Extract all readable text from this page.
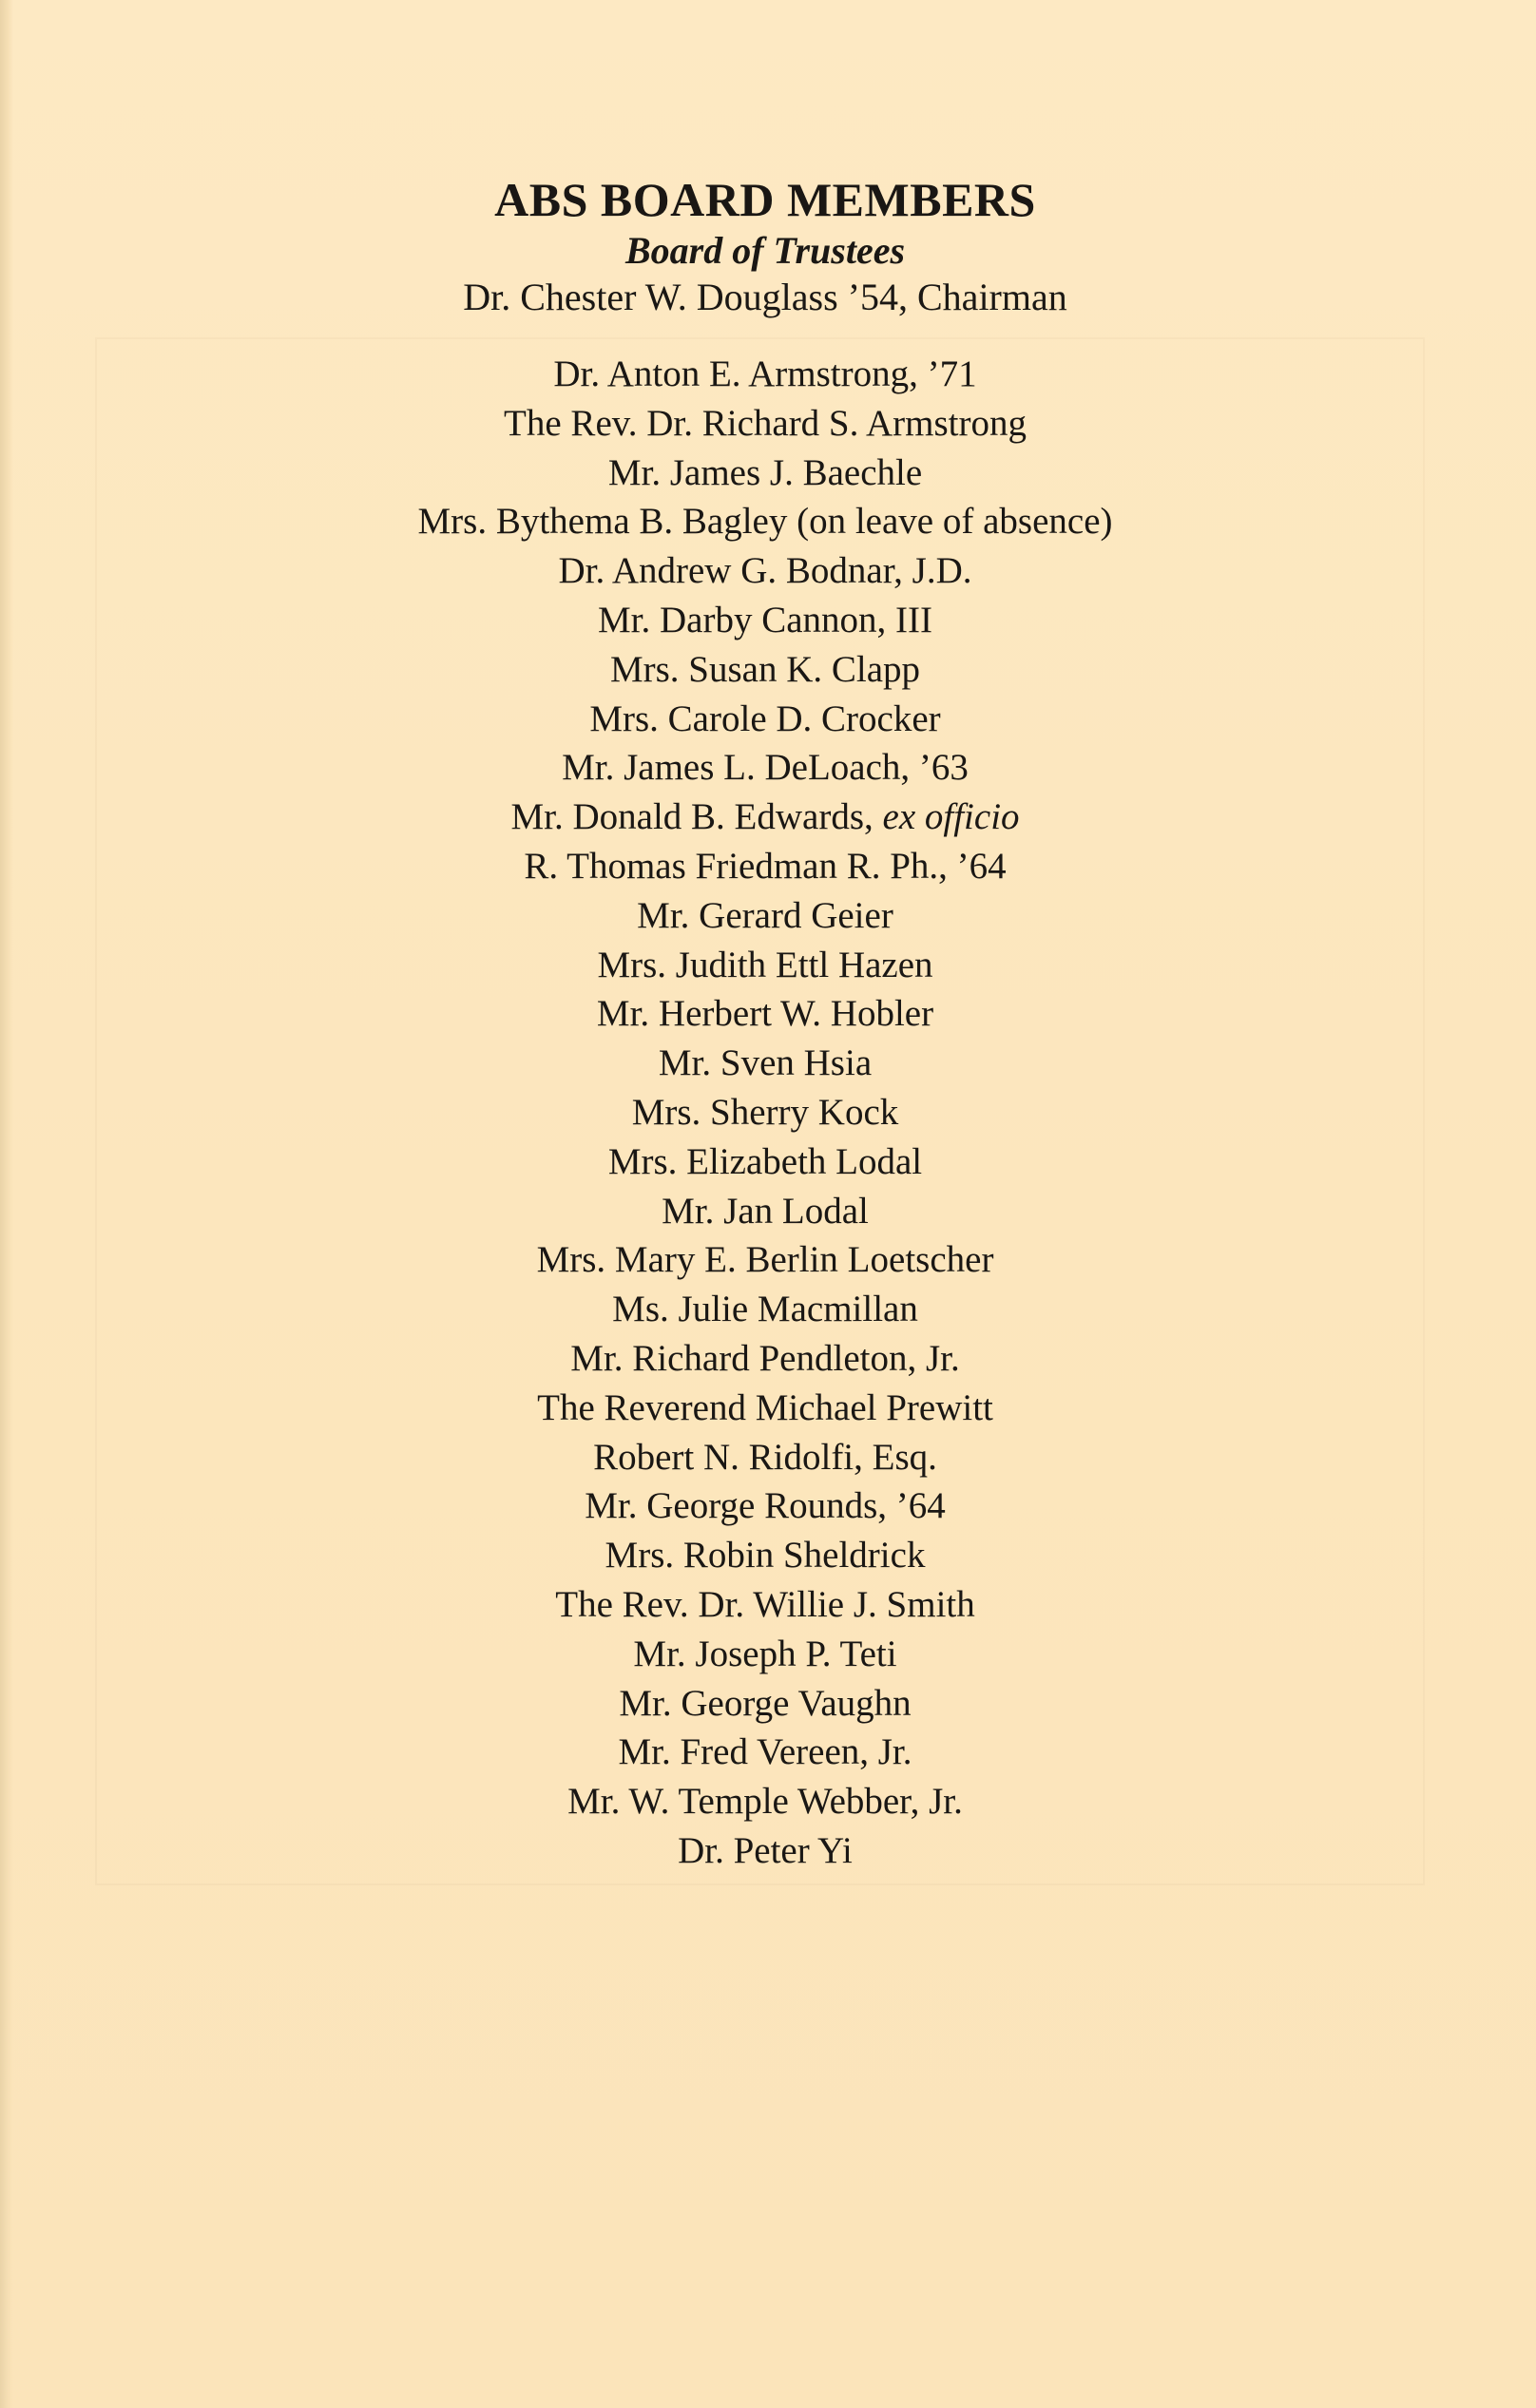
ABS BOARD MEMBERS
Board of Trustees

Dr. Chester W. Douglass ’54, Chairman

Dr. Anton E. Armstrong, ’71
The Rev. Dr. Richard S. Armstrong
Mr. James J. Baechle
Mrs. Bythema B. Bagley (on leave of absence)
Dr. Andrew G. Bodnar, J.D.
Mr. Darby Cannon, III
Mrs. Susan K. Clapp
Mrs. Carole D. Crocker
Mr. James L. DeLoach, ’63
Mr. Donald B. Edwards, ex officio
R. Thomas Friedman R. Ph., ’64
Mr. Gerard Geier
Mrs. Judith Ettl Hazen
Mr. Herbert W. Hobler
Mr. Sven Hsia
Mrs. Sherry Kock
Mrs. Elizabeth Lodal
Mr. Jan Lodal
Mrs. Mary E. Berlin Loetscher
Ms. Julie Macmillan
Mr. Richard Pendleton, Jr.
The Reverend Michael Prewitt
Robert N. Ridolfi, Esq.
Mr. George Rounds, ’64
Mrs. Robin Sheldrick
The Rev. Dr. Willie J. Smith
Mr. Joseph P. Teti
Mr. George Vaughn
Mr. Fred Vereen, Jr.
Mr. W. Temple Webber, Jr.
Dr. Peter Yi
